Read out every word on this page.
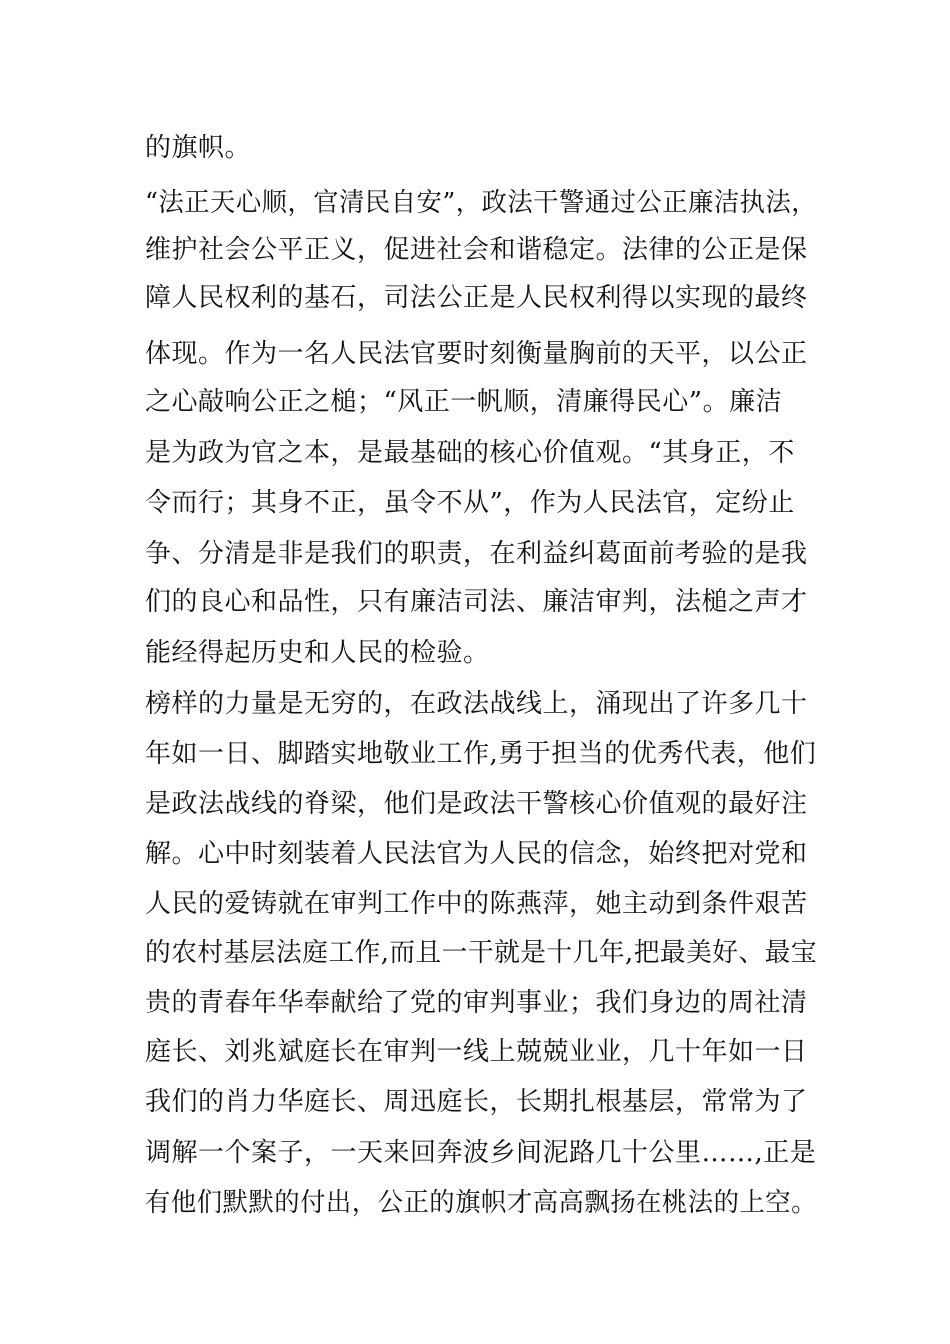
的旗帜。
“法正天心顺，官清民自安”，政法干警通过公正廉洁执法，
维护社会公平正义，促进社会和谐稳定。法律的公正是保
障人民权利的基石，司法公正是人民权利得以实现的最终
体现。作为一名人民法官要时刻衡量胸前的天平，以公正
之心敲响公正之槌；“风正一帆顺，清廉得民心”。廉洁
是为政为官之本，是最基础的核心价值观。“其身正，不
令而行；其身不正，虽令不从”，作为人民法官，定纷止
争、分清是非是我们的职责，在利益纠葛面前考验的是我
们的良心和品性，只有廉洁司法、廉洁审判，法槌之声才
能经得起历史和人民的检验。
榜样的力量是无穷的，在政法战线上，涌现出了许多几十
年如一日、脚踏实地敬业工作,勇于担当的优秀代表，他们
是政法战线的脊梁，他们是政法干警核心价值观的最好注
解。心中时刻装着人民法官为人民的信念，始终把对党和
人民的爱铸就在审判工作中的陈燕萍，她主动到条件艰苦
的农村基层法庭工作,而且一干就是十几年,把最美好、最宝
贵的青春年华奉献给了党的审判事业；我们身边的周社清
庭长、刘兆斌庭长在审判一线上兢兢业业，几十年如一日
我们的肖力华庭长、周迅庭长，长期扎根基层，常常为了
调解一个案子，一天来回奔波乡间泥路几十公里……,正是
有他们默默的付出，公正的旗帜才高高飘扬在桃法的上空。
